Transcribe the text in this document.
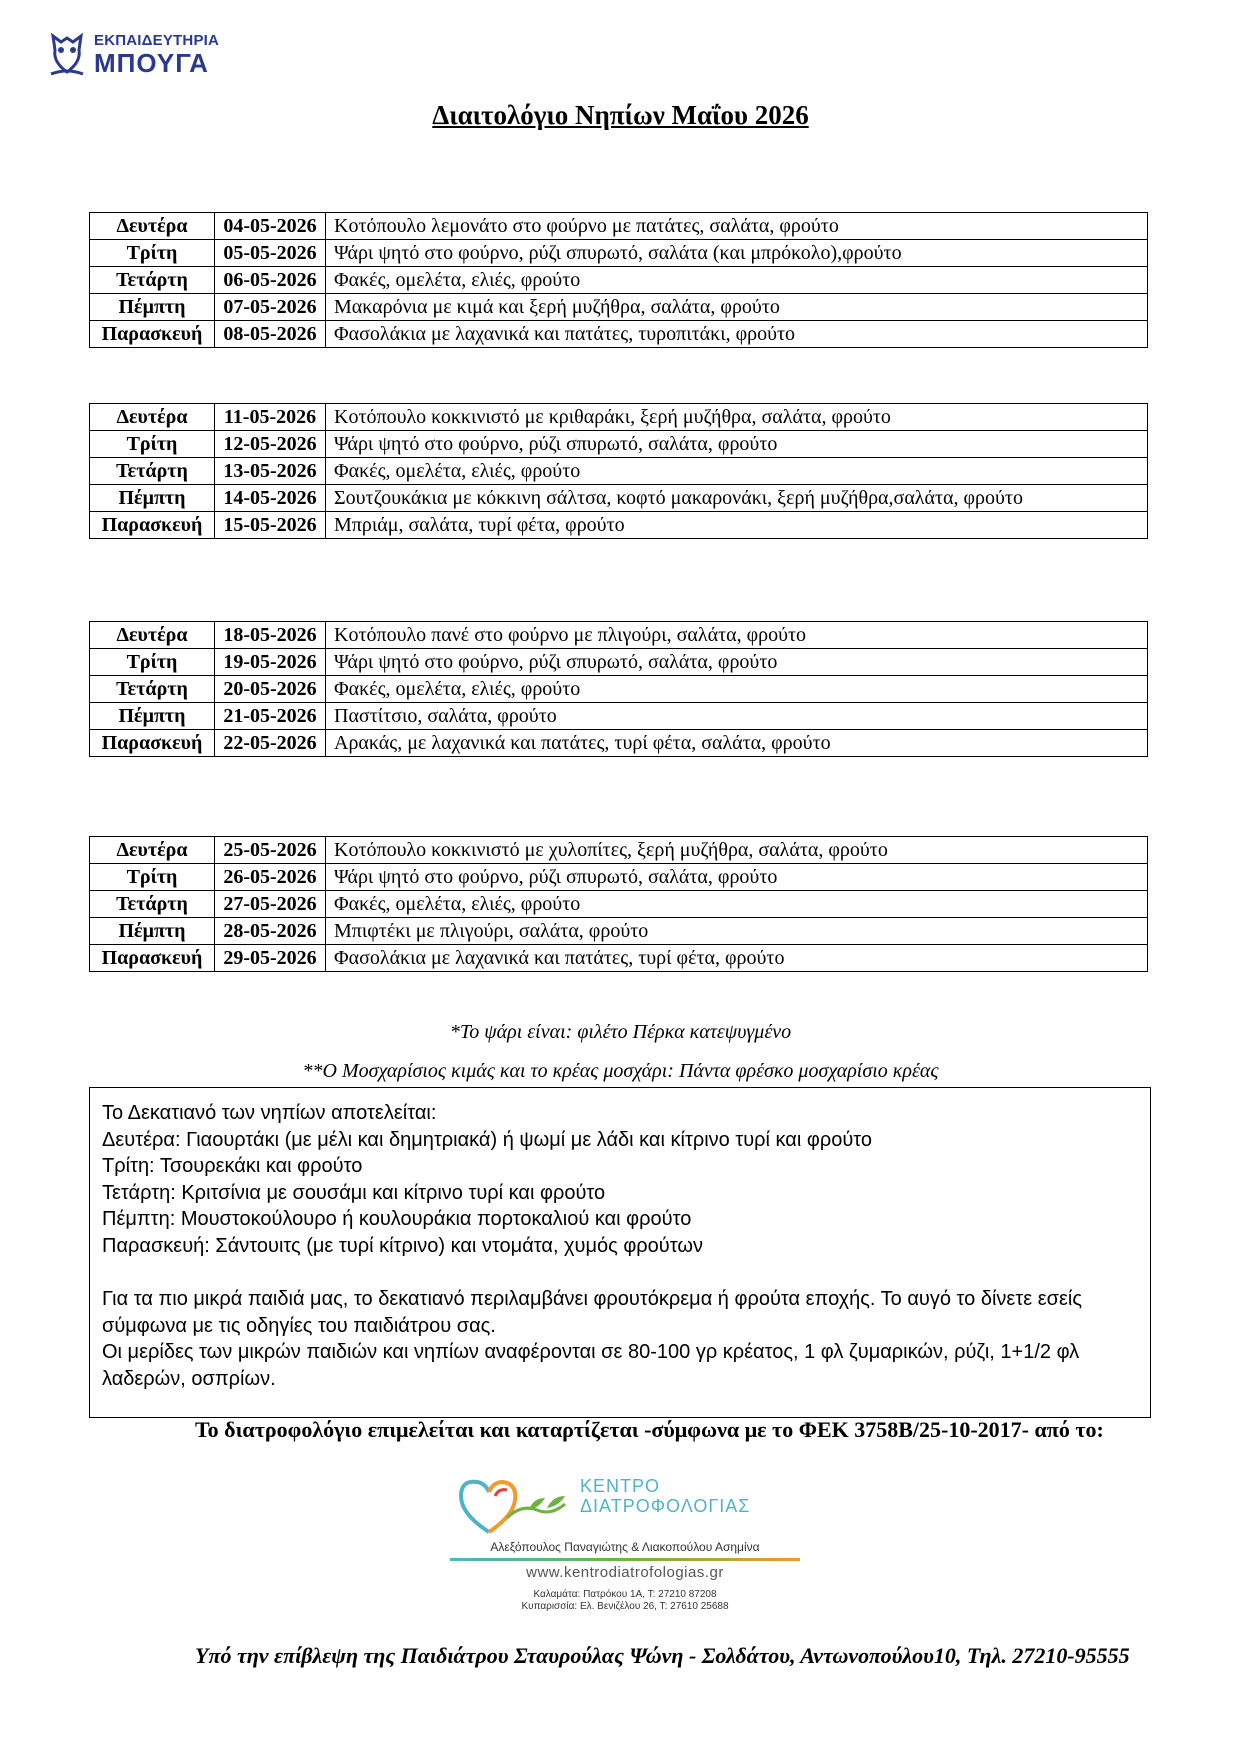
ΕΚΠΑΙΔΕΥΤΗΡΙΑ
ΜΠΟΥΓΑ
Διαιτολόγιο Νηπίων Μαΐου 2026
Δευτέρα	04-05-2026	Κοτόπουλο λεμονάτο στο φούρνο με πατάτες, σαλάτα, φρούτο
Τρίτη	05-05-2026	Ψάρι ψητό στο φούρνο, ρύζι σπυρωτό, σαλάτα (και μπρόκολο),φρούτο
Τετάρτη	06-05-2026	Φακές, ομελέτα, ελιές, φρούτο
Πέμπτη	07-05-2026	Μακαρόνια με κιμά και ξερή μυζήθρα, σαλάτα, φρούτο
Παρασκευή	08-05-2026	Φασολάκια με λαχανικά και πατάτες, τυροπιτάκι, φρούτο
Δευτέρα	11-05-2026	Κοτόπουλο κοκκινιστό με κριθαράκι, ξερή μυζήθρα, σαλάτα, φρούτο
Τρίτη	12-05-2026	Ψάρι ψητό στο φούρνο, ρύζι σπυρωτό, σαλάτα, φρούτο
Τετάρτη	13-05-2026	Φακές, ομελέτα, ελιές, φρούτο
Πέμπτη	14-05-2026	Σουτζουκάκια με κόκκινη σάλτσα, κοφτό μακαρονάκι, ξερή μυζήθρα,σαλάτα, φρούτο
Παρασκευή	15-05-2026	Μπριάμ, σαλάτα, τυρί φέτα, φρούτο
Δευτέρα	18-05-2026	Κοτόπουλο πανέ στο φούρνο με πλιγούρι, σαλάτα, φρούτο
Τρίτη	19-05-2026	Ψάρι ψητό στο φούρνο, ρύζι σπυρωτό, σαλάτα, φρούτο
Τετάρτη	20-05-2026	Φακές, ομελέτα, ελιές, φρούτο
Πέμπτη	21-05-2026	Παστίτσιο, σαλάτα, φρούτο
Παρασκευή	22-05-2026	Αρακάς, με λαχανικά και πατάτες, τυρί φέτα, σαλάτα, φρούτο
Δευτέρα	25-05-2026	Κοτόπουλο κοκκινιστό με χυλοπίτες, ξερή μυζήθρα, σαλάτα, φρούτο
Τρίτη	26-05-2026	Ψάρι ψητό στο φούρνο, ρύζι σπυρωτό, σαλάτα, φρούτο
Τετάρτη	27-05-2026	Φακές, ομελέτα, ελιές, φρούτο
Πέμπτη	28-05-2026	Μπιφτέκι με πλιγούρι, σαλάτα, φρούτο
Παρασκευή	29-05-2026	Φασολάκια με λαχανικά και πατάτες, τυρί φέτα, φρούτο
*Το ψάρι είναι: φιλέτο Πέρκα κατεψυγμένο
**Ο Μοσχαρίσιος κιμάς και το κρέας μοσχάρι: Πάντα φρέσκο μοσχαρίσιο κρέας

Το Δεκατιανό των νηπίων αποτελείται:

Δευτέρα: Γιαουρτάκι (με μέλι και δημητριακά) ή ψωμί με λάδι και κίτρινο τυρί και φρούτο

Τρίτη: Τσουρεκάκι και φρούτο

Τετάρτη: Κριτσίνια με σουσάμι και κίτρινο τυρί και φρούτο

Πέμπτη: Μουστοκούλουρο ή κουλουράκια πορτοκαλιού και φρούτο

Παρασκευή: Σάντουιτς (με τυρί κίτρινο) και ντομάτα, χυμός φρούτων

Για τα πιο μικρά παιδιά μας, το δεκατιανό περιλαμβάνει φρουτόκρεμα ή φρούτα εποχής. Το αυγό το δίνετε εσείς σύμφωνα με τις οδηγίες του παιδιάτρου σας.

Οι μερίδες των μικρών παιδιών και νηπίων αναφέρονται σε 80-100 γρ κρέατος, 1 φλ ζυμαρικών, ρύζι, 1+1/2 φλ λαδερών, οσπρίων.

Το διατροφολόγιο επιμελείται και καταρτίζεται -σύμφωνα με το ΦΕΚ 3758Β/25-10-2017- από το:
ΚΕΝΤΡΟ
ΔΙΑΤΡΟΦΟΛΟΓΙΑΣ
Αλεξόπουλος Παναγιώτης & Λιακοπούλου Ασημίνα
www.kentrodiatrofologias.gr
Καλαμάτα: Πατρόκου 1Α, Τ: 27210 87208
Κυπαρισσία: Ελ. Βενιζέλου 26, Τ: 27610 25688
Υπό την επίβλεψη της Παιδιάτρου Σταυρούλας Ψώνη - Σολδάτου, Αντωνοπούλου10, Τηλ. 27210-95555
